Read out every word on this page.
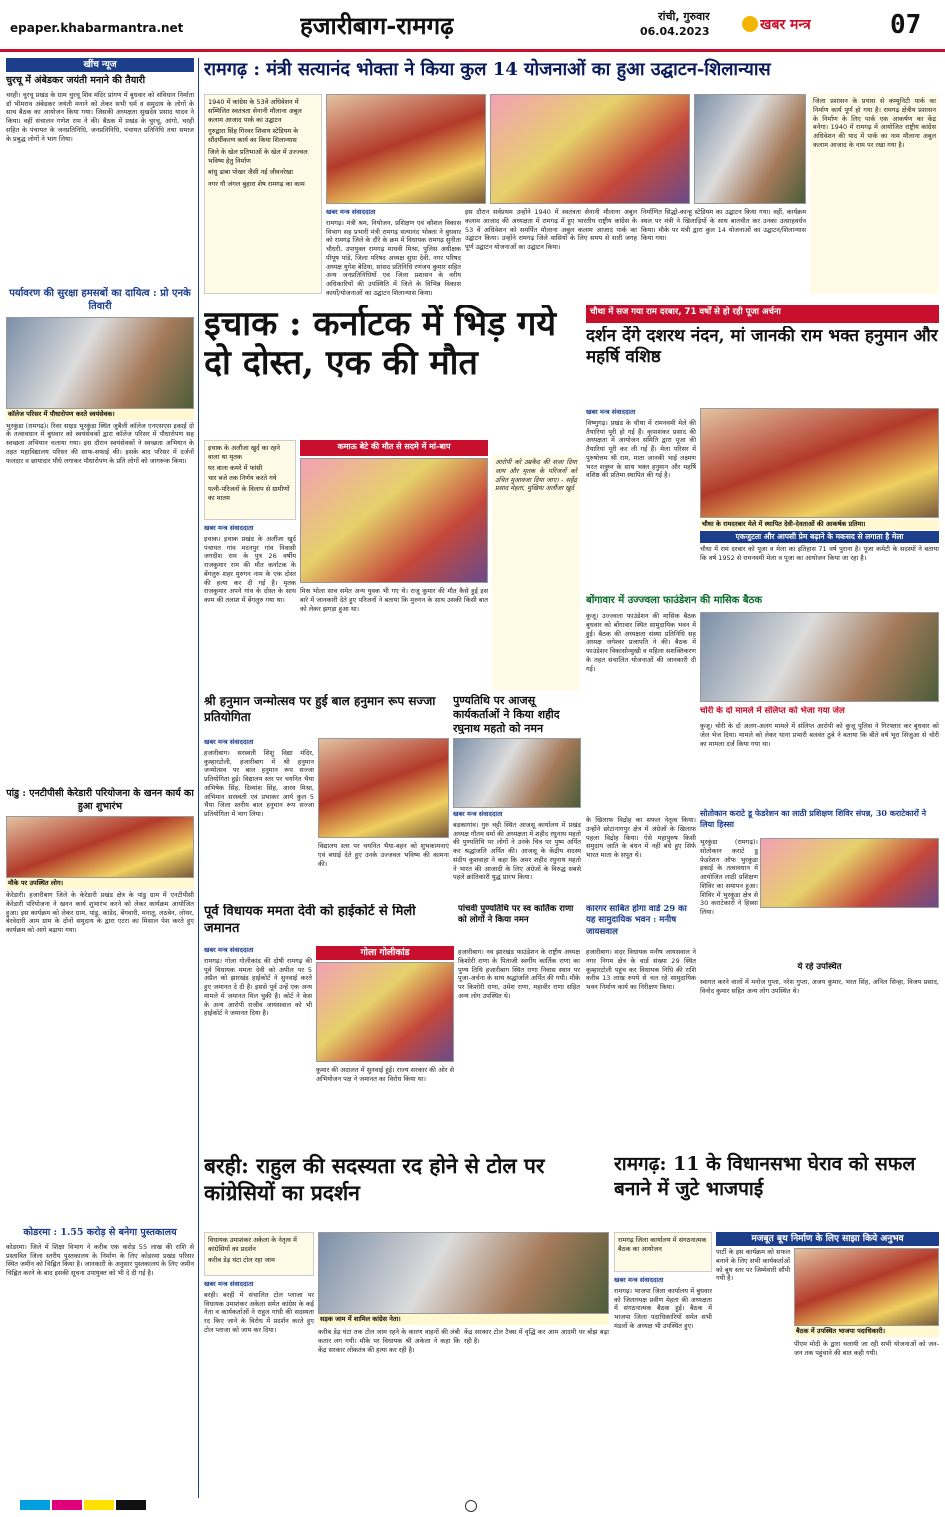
epaper.khabarmantra.net	हजारीबाग-रामगढ़	रांची, गुरुवार
06.04.2023	खबर मन्त्र	07
खींच न्यूज
चुरचू में अंबेडकर जयंती मनाने की तैयारी
चरही। चुरचू प्रखंड के ग्राम चुरचू शिव मंदिर प्रांगण में बुधवार को संविधान निर्माता डॉ भीमराव अंबेडकर जयंती मनाने को लेकर सभी धर्म व समुदाय के लोगों के साथ बैठक का आयोजन किया गया। जिसकी अध्यक्षता सुखदेव प्रसाद यादव ने किया। वहीं संचालन गणेश राम ने की। बैठक में प्रखंड के चुरचू, आंगो, चरही सहित के पंचायत के जनप्रतिनिधि, जनप्रतिनिधि, पंचायत प्रतिनिधि तथा समाज के प्रबुद्ध लोगों ने भाग लिया।
पर्यावरण की सुरक्षा हमसबों का दायित्व : प्रो एनके तिवारी
कॉलेज परिसर में पौधारोपण करते स्वयंसेवक।
भुरकुंडा (रामगढ़)। रिवर साइड भुरकुंडा स्थित जुबैली कॉलेज एनएसएस इकाई दो के तत्वावधान में बुधवार को स्वयंसेवकों द्वारा कॉलेज परिसर में पौधारोपण सह स्वच्छता अभियान चलाया गया। इस दौरान स्वयंसेवकों ने स्वच्छता अभियान के तहत महाविद्यालय परिसर की साफ-सफाई की। इसके बाद परिसर में दर्जनों फलदार व छायादार पौधे लगाकर पौधारोपण के प्रति लोगों को जागरूक किया।
पांडु : एनटीपीसी केरेडारी परियोजना के खनन कार्य का हुआ शुभारंभ
मौके पर उपस्थित लोग।
केरेडारी। हजारीबाग जिले के केरेडारी प्रखंड क्षेत्र के पांडु ग्राम में एनटीपीसी केरेडारी परियोजना ने खनन कार्य शुभारंभ करने को लेकर कार्यक्रम आयोजित हुआ। इस कार्यक्रम को लेकर ग्राम, पांडु, कांडेद, बेंगवारी, मनातू, लठबेन, लोथर, बेरवेदारी आम ग्राम के दोनों समुदाय के द्वारा एटरा का मिसाल पेश करते हुए कार्यक्रम को आगे बढ़ाया गया।
कोडरमा : 1.55 करोड़ से बनेगा पुस्तकालय
कोडरमा। जिले में शिक्षा विभाग ने करीब एक करोड़ 55 लाख की राशि से प्रस्तावित जिला स्तरीय पुस्तकालय के निर्माण के लिए कोडरमा प्रखंड परिसर स्थित जमीन को चिह्नित किया है। जानकारी के अनुसार पुस्तकालय के लिए जमीन चिह्नित करने के बाद इसकी सूचना उपायुक्त को भी दे दी गई है।
रामगढ़ : मंत्री सत्यानंद भोक्ता ने किया कुल 14 योजनाओं का हुआ उद्घाटन-शिलान्यास
1940 में कांग्रेस के 53वें अधिवेशन में सम्मिलित स्वतंत्रता सेनानी मौलाना अबुल कलाम आजाद पार्क का उद्घाटन
गुरुद्वारा सिंह गिरवर शिवाय स्टेडियम के सौंदर्यीकरण कार्य का किया शिलान्यास
जिले के खेल प्रतिभाओं के खेल में उज्ज्वल भविष्य हेतु निर्माण
बांधु ढाबा पोखर जैसी नई जीवनरेखा
नगर गौ जंगल बुहारा शेष रामगढ़ का काम
जिला प्रशासन के प्रयास से कम्युनिटी पार्क का निर्माण कार्य पूर्ण हो गया है। रामगढ़ क्षेत्रीय प्रशासन के निर्माण के लिए पार्क एक आकर्षण का केंद्र बनेगा। 1940 में रामगढ़ में आयोजित राष्ट्रीय कांग्रेस अधिवेशन की याद में पार्क का नाम मौलाना अबुल कलाम आजाद के नाम पर रखा गया है।
खबर मन्त्र संवाददाता
रामगढ़। मंत्री श्रम, नियोजन, प्रशिक्षण एवं कौशल विकास विभाग सह प्रभारी मंत्री रामगढ़ सत्यानंद भोक्ता ने बुधवार को रामगढ़ जिले के दौरे के क्रम में विधायक रामगढ़ सुनीता चौधरी, उपायुक्त रामगढ़ माधवी मिश्रा, पुलिस अधीक्षक पीयूष पांडे, जिला परिषद अध्यक्ष सुधा देवी, नगर परिषद अध्यक्ष युगेश बेदिया, सांसद प्रतिनिधि रणंजय कुमार सहित अन्य जनप्रतिनिधियों एवं जिला प्रशासन के वरीय अधिकारियों की उपस्थिति में जिले के विभिन्न विकास कार्यों/योजनाओं का उद्घाटन शिलान्यास किया।
इस दौरान सर्वप्रथम उन्होंने 1940 में स्वतंत्रता सेनानी मौलाना अबुल कलाम आजाद की अध्यक्षता में रामगढ़ में हुए भारतीय राष्ट्रीय कांग्रेस के 53 वें अधिवेशन को समर्पित मौलाना अबुल कलाम आजाद पार्क का उद्घाटन किया। उन्होंने रामगढ़ जिले वासियों के लिए समय से सारी जगह पूर्ण उद्घाटन योजनाओं का उद्घाटन किया।
निर्माणित सिद्धो-कान्हू स्टेडियम का उद्घाटन किया गया। वहीं, कार्यक्रम स्थल पर मंत्री ने खिलाड़ियों के साथ बातचीत कर उनका उत्साहवर्धन किया। मौके पर मंत्री द्वारा कुल 14 योजनाओं का उद्घाटन/शिलान्यास किया गया।
इचाक : कर्नाटक में भिड़ गये दो दोस्त, एक की मौत
इचाक के अलौंजा खुर्द का रहने वाला था मृतक
घर वाला कमरे में फांसी
चार बजे तक निर्णय करते गये
पत्नी-परिजनों के विलाप से ग्रामीणों का मातम
कमाऊ बेटे की मौत से सदमे में मां-बाप
खबर मन्त्र संवाददाता
इचाक। इचाक प्रखंड के अलौंजा खुर्द पंचायत गांव मदनपुर गांव निवासी जगदीश राम के पुत्र 26 वर्षीय राजकुमार राम की मौत कर्नाटक के बेंगलुरु शहर मुरुगन नाम के एक दोस्त की हत्या कर दी गई है। मृतक राजकुमार अपने गांव के दोस्त के साथ काम की तलाश में बेंगलुरु गया था।
मिस्र भोला साव समेत अन्य युवक भी गए थे। राजू कुमार की मौत कैसे हुई इस बारे में जानकारी देते हुए परिजनों ने बताया कि मुरुगन के साथ उसकी किसी बात को लेकर झगड़ा हुआ था।
आरोपी को उम्रकैद की सजा दिया जाय और मृतक के परिजनों को उचित मुआवजा दिया जाए। - सहेंद्र प्रसाद मेहता, मुखिया अलौंजा खुर्द
चौथा में सज गया राम दरबार, 71 वर्षों से हो रही पूजा अर्चना
दर्शन देंगे दशरथ नंदन, मां जानकी राम भक्त हनुमान और महर्षि वशिष्ठ
खबर मन्त्र संवाददाता
विष्णुगढ़। प्रखंड के चौथा में रामनवमी मेले की तैयारियां पूरी हो गई हैं। कृपाशंकर प्रसाद की अध्यक्षता में आयोजन समिति द्वारा पूजा की तैयारियां पूरी कर ली गई हैं। मेला परिसर में पुरुषोत्तम श्री राम, माता जानकी भाई लक्ष्मण भरत शत्रुघ्न के साथ भक्त हनुमान और महर्षि वशिष्ठ की प्रतिमा स्थापित की गई है।
चौथा के रामदरबार मेले में स्थापित देवी-देवताओं की आकर्षक प्रतिमा।
एकजुटता और आपसी प्रेम बढ़ाने के मकसद से लगाता है मेला
चौथा में राम दरबार को पूजा व मेला का इतिहास 71 वर्ष पुराना है। पूजा कमेटी के सदस्यों ने बताया कि वर्ष 1952 से रामनवमी मेला व पूजा का आयोजन किया जा रहा है।
बोंगावार में उज्ज्वला फाउंडेशन की मासिक बैठक
कुजू। उज्ज्वला फाउंडेशन की मासिक बैठक बुधवार को बोंगावार स्थित सामुदायिक भवन में हुई। बैठक की अध्यक्षता संस्था प्रतिनिधि सह अध्यक्ष जगेश्वर प्रजापति ने की। बैठक में फाउंडेशन विकासोन्मुखी व महिला सशक्तिकरण के तहत संचालित योजनाओं की जानकारी दी गई।
चोरी के दो मामले में संलिप्त को भेजा गया जेल
कुजू। चोरी के दो अलग-अलग मामले में संलिप्त आरोपी को कुजू पुलिस ने गिरफ्तार कर बुधवार को जेल भेज दिया। मामले को लेकर थाना प्रभारी बलवंत ठुबे ने बताया कि बीते वर्ष भूरा सिजुआ से चोरी का मामला दर्ज किया गया था।
सोतोकान कराटे डू फेडरेशन का लाठी प्रशिक्षण शिविर संपन्न, 30 कराटेकारों ने लिया हिस्सा
भुरकुंडा (रामगढ़)। सोतोकान कराटे डू फेडरेशन ऑफ भुरकुंडा इकाई के तत्वावधान में आयोजित लाठी प्रशिक्षण शिविर का समापन हुआ। शिविर में भुरकुंडा क्षेत्र से 30 कराटेकारों ने हिस्सा लिया।
श्री हनुमान जन्मोत्सव पर हुई बाल हनुमान रूप सज्जा प्रतियोगिता
खबर मन्त्र संवाददाता
हजारीबाग। सरस्वती शिशु विद्या मंदिर, कुम्हारटोली, हजारीबाग में श्री हनुमान जन्मोत्सव पर बाल हनुमान रूप सज्जा प्रतियोगिता हुई। विद्यालय स्तर पर चयनित भैया अभिषेक सिंह, दिव्यांश सिंह, आरव मिश्रा, अभिमान सरस्वती एवं प्रभाकर आर्य कुल 5 भैया जिला स्तरीय बाल हनुमान रूप सज्जा प्रतियोगिता में भाग लिया।
विद्यालय स्तर पर चयनित भैया-बहन को शुभकामनाएं एवं बधाई देते हुए उनके उज्जवल भविष्य की कामना की।
पुण्यतिथि पर आजसू कार्यकर्ताओं ने किया शहीद रघुनाथ महतो को नमन
खबर मन्त्र संवाददाता
बड़कागांव। गुरु चट्टी स्थित आजसू कार्यालय में प्रखंड अध्यक्ष गौतम वर्मा की अध्यक्षता में शहीद रघुनाथ महतो की पुण्यतिथि पर लोगों ने उनके चित्र पर पुष्प अर्पित कर श्रद्धांजलि अर्पित की। आजसू के केंद्रीय सदस्य संदीप कुशवाहा ने कहा कि अमर शहीद रघुनाथ महतो ने भारत की आजादी के लिए अंग्रेजों के विरुद्ध सबसे पहले क्रांतिकारी युद्ध प्रारंभ किया।
के खिलाफ विद्रोह का सफल नेतृत्व किया। उन्होंने छोटानागपुर क्षेत्र में अंग्रेजों के खिलाफ पहला विद्रोह किया। ऐसे महापुरुष किसी समुदाय जाति के बंधन में नहीं बंधे हुए सिर्फ भारत माता के सपूत थे।
पूर्व विधायक ममता देवी को हाईकोर्ट से मिली जमानत
खबर मन्त्र संवाददाता
रामगढ़। गोला गोलीकांड की दोषी रामगढ़ की पूर्व विधायक ममता देवी को अपील पर 5 अप्रैल को झारखंड हाईकोर्ट ने सुनवाई करते हुए जमानत दे दी है। इससे पूर्व उन्हें एक अन्य मामले में जमानत मिल चुकी है। कोर्ट ने केस के अन्य आरोपी राजीव जायसवाल को भी हाईकोर्ट ने जमानत दिया है।
गोला गोलीकांड
कुमार की अदालत में सुनवाई हुई। राज्य सरकार की ओर से अभियोजन पक्ष ने जमानत का विरोध किया था।
पांचवी पुण्यतिथि पर स्व कार्तिक राणा को लोगों ने किया नमन
हजारीबाग। नव झारखंड फाउंडेशन के राष्ट्रीय अध्यक्ष किशोरी राणा के पिताजी स्वर्गीय कार्तिक राणा का पुण्य तिथि हजारीबाग स्थित राणा निवास स्थान पर पूजा-अर्चना के साथ श्रद्धांजलि अर्पित की गयी। मौके पर किशोरी राणा, उमेश राणा, महावीर राणा सहित अन्य लोग उपस्थित थे।
कारगर साबित होगा वार्ड 29 का यह सामुदायिक भवन : मनीष जायसवाल
हजारीबाग। सदर विधायक मनीष जायसवाल ने नगर निगम क्षेत्र के वार्ड संख्या 29 स्थित कुम्हारटोली पहुंच कर विधायक निधि की राशि करीब 13 लाख रुपये से चल रहे सामुदायिक भवन निर्माण कार्य का निरीक्षण किया।
ये रहे उपस्थित
स्वागत करने वालों में मनोज गुप्ता, नरेश गुप्ता, अजय कुमार, भरत सिंह, अनिल सिन्हा, विजय प्रसाद, विनोद कुमार सहित अन्य लोग उपस्थित थे।
बरही: राहुल की सदस्यता रद होने से टोल पर कांग्रेसियों का प्रदर्शन
विधायक उमाशंकर अकेला के नेतृत्व में कांग्रेसियों का प्रदर्शन
करीब डेढ़ घंटा टोल रहा जाम
सड़क जाम में शामिल कांग्रेस नेता।
खबर मन्त्र संवाददाता
बरही। बरही में संचालित टोल प्लाजा पर विधायक उमाशंकर अकेला समेत कांग्रेस के कई नेता व कार्यकर्ताओं ने राहुल गांधी की सदस्यता रद किए जाने के विरोध में प्रदर्शन करते हुए टोल प्लाजा को जाम कर दिया।	करीब डेढ़ घंटा तक टोल जाम रहने के कारण वाहनों की लंबी कतार लग गयी। मौके पर विधायक श्री अकेला ने कहा कि केंद्र सरकार लोकतंत्र की हत्या कर रही है।
केंद्र सरकार टोल टैक्स में वृद्धि कर आम आदमी पर बोझ बढ़ा रही है।
रामगढ़: 11 के विधानसभा घेराव को सफल बनाने में जुटे भाजपाई
रामगढ़ जिला कार्यालय में संगठनात्मक बैठक का आयोजन
खबर मन्त्र संवाददाता
रामगढ़। भाजपा जिला कार्यालय में बुधवार को जिलाध्यक्ष प्रवीण मेहता की अध्यक्षता में संगठनात्मक बैठक हुई। बैठक में भाजपा जिला पदाधिकारियों समेत सभी मंडलों के अध्यक्ष भी उपस्थित हुए।
मजबूत बूथ निर्माण के लिए साझा किये अनुभव
पार्टी के इस कार्यक्रम को सफल बनाने के लिए सभी कार्यकर्ताओं को बूथ स्तर पर जिम्मेवारी सौंपी गयी है।
बैठक में उपस्थित भाजपा पदाधिकारी।
पीएम मोदी के द्वारा चलायी जा रही सभी योजनाओं को जन-जन तक पहुंचाने की बात कही गयी।
